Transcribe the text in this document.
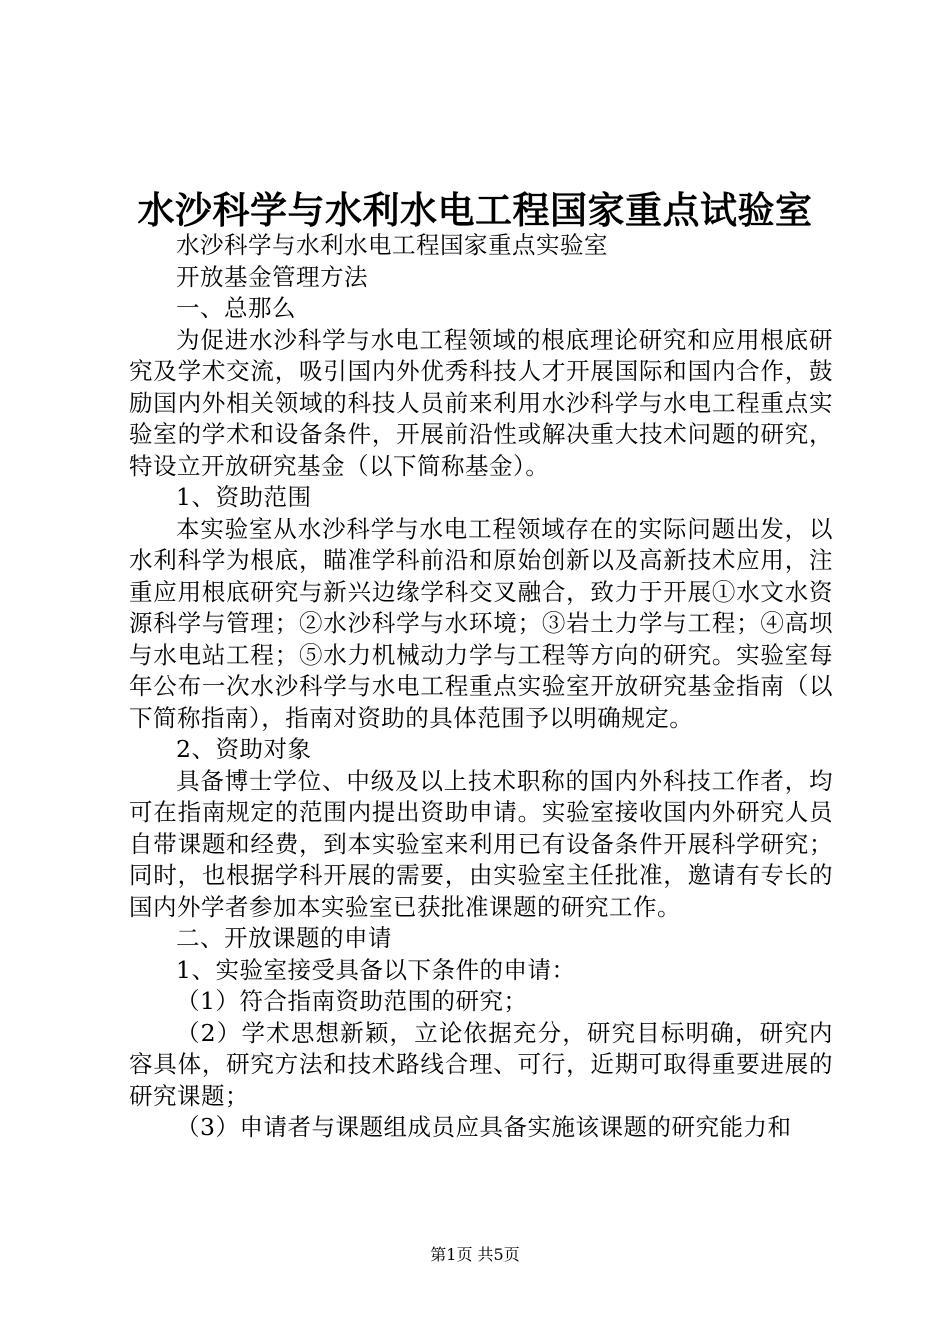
水沙科学与水利水电工程国家重点试验室

水沙科学与水利水电工程国家重点实验室

开放基金管理方法

一、总那么

为促进水沙科学与水电工程领域的根底理论研究和应用根底研究及学术交流，吸引国内外优秀科技人才开展国际和国内合作，鼓励国内外相关领域的科技人员前来利用水沙科学与水电工程重点实验室的学术和设备条件，开展前沿性或解决重大技术问题的研究，特设立开放研究基金（以下简称基金）。

1、资助范围

本实验室从水沙科学与水电工程领域存在的实际问题出发，以水利科学为根底，瞄准学科前沿和原始创新以及高新技术应用，注重应用根底研究与新兴边缘学科交叉融合，致力于开展①水文水资源科学与管理；②水沙科学与水环境；③岩土力学与工程；④高坝与水电站工程；⑤水力机械动力学与工程等方向的研究。实验室每年公布一次水沙科学与水电工程重点实验室开放研究基金指南（以下简称指南），指南对资助的具体范围予以明确规定。

2、资助对象

具备博士学位、中级及以上技术职称的国内外科技工作者，均可在指南规定的范围内提出资助申请。实验室接收国内外研究人员自带课题和经费，到本实验室来利用已有设备条件开展科学研究；同时，也根据学科开展的需要，由实验室主任批准，邀请有专长的国内外学者参加本实验室已获批准课题的研究工作。

二、开放课题的申请

1、实验室接受具备以下条件的申请：

（1）符合指南资助范围的研究；

（2）学术思想新颖，立论依据充分，研究目标明确，研究内容具体，研究方法和技术路线合理、可行，近期可取得重要进展的研究课题；

（3）申请者与课题组成员应具备实施该课题的研究能力和

第1页 共5页
